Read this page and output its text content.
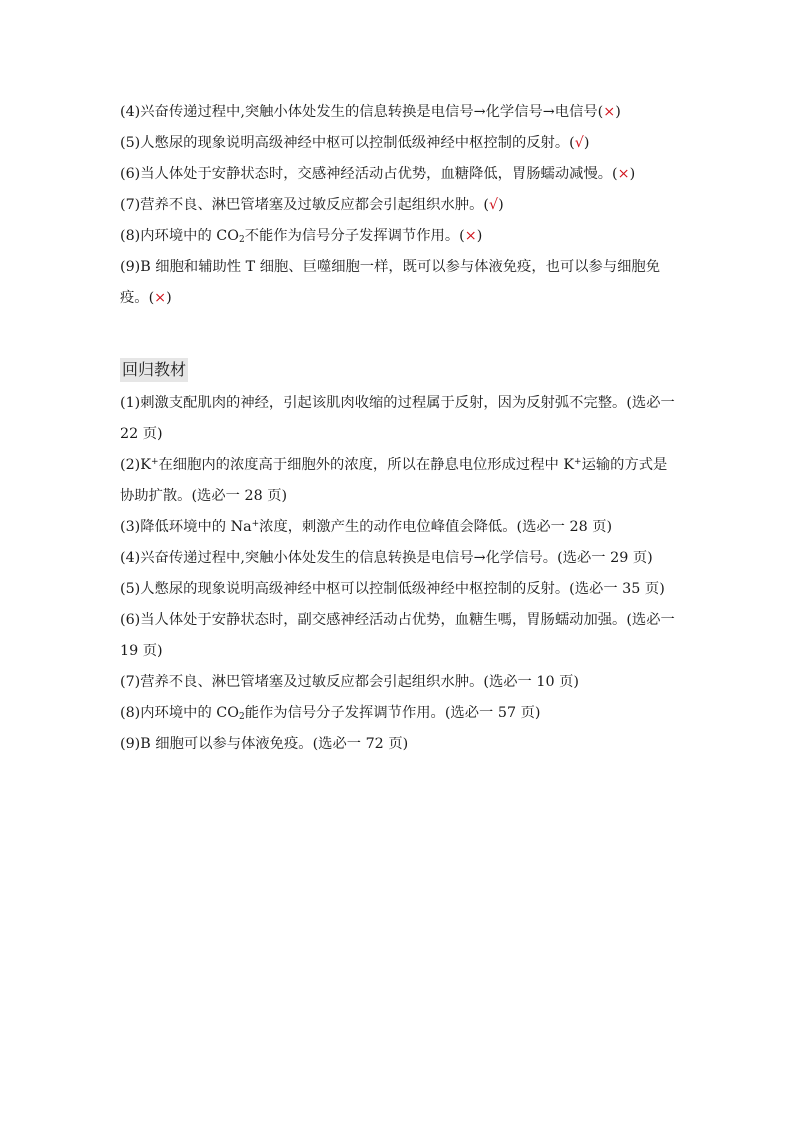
(4)兴奋传递过程中,突触小体处发生的信息转换是电信号→化学信号→电信号(×)

(5)人憋尿的现象说明高级神经中枢可以控制低级神经中枢控制的反射。(√)

(6)当人体处于安静状态时，交感神经活动占优势，血糖降低，胃肠蠕动减慢。(×)

(7)营养不良、淋巴管堵塞及过敏反应都会引起组织水肿。(√)

(8)内环境中的 $CO_2$不能作为信号分子发挥调节作用。(×)

(9)B 细胞和辅助性 T 细胞、巨噬细胞一样，既可以参与体液免疫，也可以参与细胞免疫。(×)

回归教材

(1)刺激支配肌肉的神经，引起该肌肉收缩的过程属于反射，因为反射弧不完整。(选必一 22 页)

(2)K+在细胞内的浓度高于细胞外的浓度，所以在静息电位形成过程中 K+运输的方式是协助扩散。(选必一 28 页)

(3)降低环境中的 Na+浓度，刺激产生的动作电位峰值会降低。(选必一 28 页)

(4)兴奋传递过程中,突触小体处发生的信息转换是电信号→化学信号。(选必一 29 页)

(5)人憋尿的现象说明高级神经中枢可以控制低级神经中枢控制的反射。(选必一 35 页)

(6)当人体处于安静状态时，副交感神经活动占优势，血糖生嗎，胃肠蠕动加强。(选必一 19 页)

(7)营养不良、淋巴管堵塞及过敏反应都会引起组织水肿。(选必一 10 页)

(8)内环境中的 $CO_2$能作为信号分子发挥调节作用。(选必一 57 页)

(9)B 细胞可以参与体液免疫。(选必一 72 页)
